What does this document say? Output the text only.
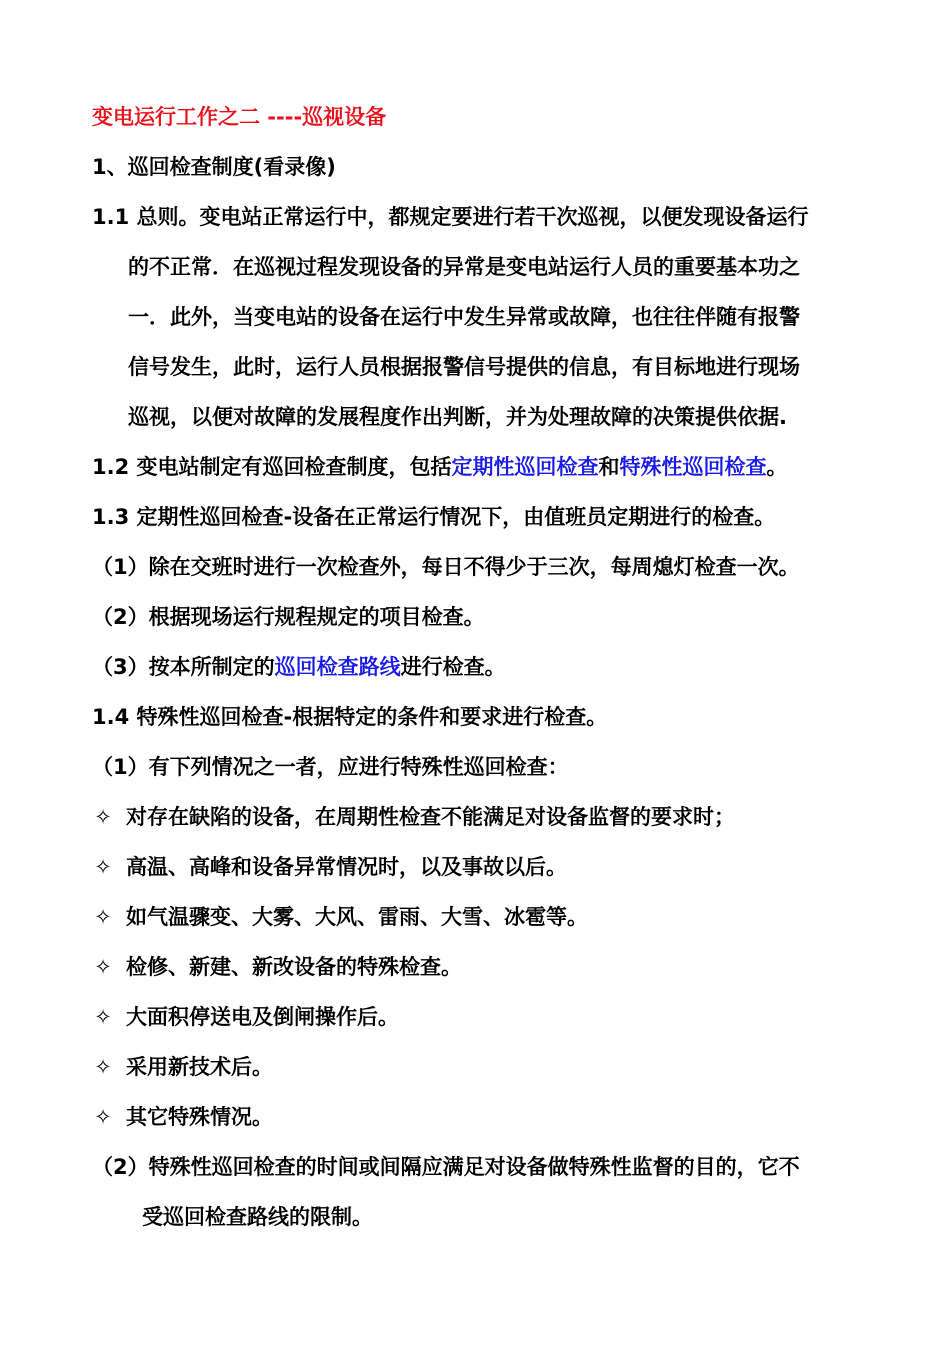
变电运行工作之二 ----巡视设备
1、巡回检查制度(看录像)
1.1 总则。变电站正常运行中，都规定要进行若干次巡视，以便发现设备运行
的不正常．在巡视过程发现设备的异常是变电站运行人员的重要基本功之
一．此外，当变电站的设备在运行中发生异常或故障，也往往伴随有报警
信号发生，此时，运行人员根据报警信号提供的信息，有目标地进行现场
巡视，以便对故障的发展程度作出判断，并为处理故障的决策提供依据.
1.2 变电站制定有巡回检查制度，包括定期性巡回检查和特殊性巡回检查。
1.3 定期性巡回检查-设备在正常运行情况下，由值班员定期进行的检查。
（1）除在交班时进行一次检查外，每日不得少于三次，每周熄灯检查一次。
（2）根据现场运行规程规定的项目检查。
（3）按本所制定的巡回检查路线进行检查。
1.4 特殊性巡回检查-根据特定的条件和要求进行检查。
（1）有下列情况之一者，应进行特殊性巡回检查：
✧ 对存在缺陷的设备，在周期性检查不能满足对设备监督的要求时；
✧ 高温、高峰和设备异常情况时，以及事故以后。
✧ 如气温骤变、大雾、大风、雷雨、大雪、冰雹等。
✧ 检修、新建、新改设备的特殊检查。
✧ 大面积停送电及倒闸操作后。
✧ 采用新技术后。
✧ 其它特殊情况。
（2）特殊性巡回检查的时间或间隔应满足对设备做特殊性监督的目的，它不
受巡回检查路线的限制。
